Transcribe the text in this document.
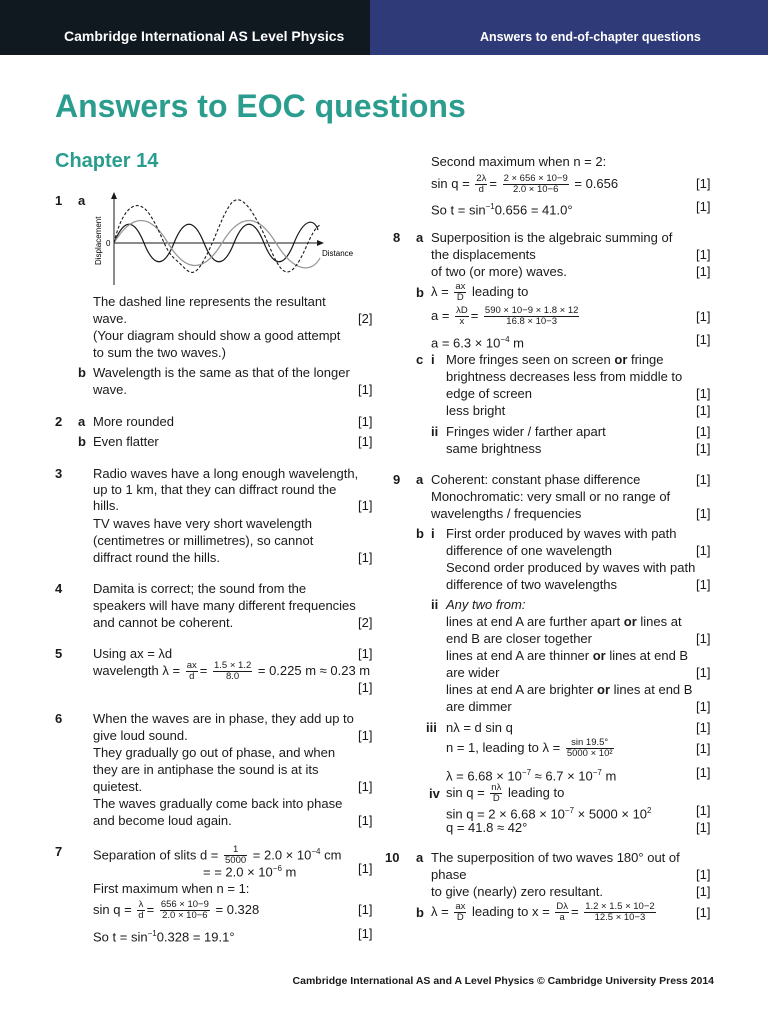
Cambridge International AS Level Physics	Answers to end-of-chapter questions
Answers to EOC questions
Chapter 14
1 a
Displacement 0
Distance
The dashed line represents the resultant
wave.	[2]
(Your diagram should show a good attempt
to sum the two waves.)
b Wavelength is the same as that of the longer
wave.	[1]
2 a More rounded	[1]
b Even flatter	[1]
3 Radio waves have a long enough wavelength,
up to 1 km, that they can diffract round the
hills.	[1]
TV waves have very short wavelength
(centimetres or millimetres), so cannot
diffract round the hills.	[1]
4 Damita is correct; the sound from the
speakers will have many different frequencies
and cannot be coherent.	[2]
5 Using ax = λd	[1]
wavelength $\lambda = \frac{ax}{d} = \frac{1.5 \times 1.2}{8.0} = 0.225$ m ≈ 0.23 m
[1]
6 When the waves are in phase, they add up to
give loud sound.	[1]
They gradually go out of phase, and when
they are in antiphase the sound is at its
quietest.	[1]
The waves gradually come back into phase
and become loud again.	[1]
7 Separation of slits $d = \frac{1}{5000} = 2.0 \times 10^{-4}$ cm
= = $2.0 \times 10^{-6}$ m	[1]
First maximum when n = 1:
$\sin q = \frac{\lambda}{d} = \frac{656 \times 10-9}{2.0 \times 10-6} = 0.328$	[1]
So $t = \sin^{-1}0.328 = 19.1^\circ$	[1]
Second maximum when n = 2:
$\sin q = \frac{2\lambda}{d} = \frac{2 \times 656 \times 10-9}{2.0 \times 10-6} = 0.656$	[1]
So $t = \sin^{-1}0.656 = 41.0^\circ$	[1]
8 a Superposition is the algebraic summing of
the displacements	[1]
of two (or more) waves.	[1]
b $\lambda = \frac{ax}{D}$ leading to
$a = \frac{\lambda D}{x} = \frac{590 \times 10-9 \times 1.8 \times 12}{16.8 \times 10-3}$	[1]
$a = 6.3 \times 10^{-4}$ m	[1]
c i More fringes seen on screen or fringe
brightness decreases less from middle to
edge of screen	[1]
less bright	[1]
ii Fringes wider / farther apart	[1]
same brightness	[1]
9 a Coherent: constant phase difference	[1]
Monochromatic: very small or no range of
wavelengths / frequencies	[1]
b i First order produced by waves with path
difference of one wavelength	[1]
Second order produced by waves with path
difference of two wavelengths	[1]
ii Any two from:
lines at end A are further apart or lines at
end B are closer together	[1]
lines at end A are thinner or lines at end B
are wider	[1]
lines at end A are brighter or lines at end B
are dimmer	[1]
iii nλ = d sin q	[1]
n = 1, leading to $\lambda = \frac{\sin 19.5^\circ}{\text{5000 × 10²}}$	[1]
$\lambda = 6.68 \times 10^{-7} \approx 6.7 \times 10^{-7}$ m	[1]
iv $\sin q = \frac{n\lambda}{D}$ leading to
$\sin q = 2 \times 6.68 \times 10^{-7} \times 5000 \times 10^2$	[1]
q = 41.8 ≈ 42°	[1]
10 a The superposition of two waves 180° out of
phase	[1]
to give (nearly) zero resultant.	[1]
b $\lambda = \frac{ax}{D}$ leading to $x = \frac{D\lambda}{a} = \frac{1.2 \times 1.5 \times 10-2}{12.5 \times 10-3}$	[1]
Cambridge International AS and A Level Physics © Cambridge University Press 2014
